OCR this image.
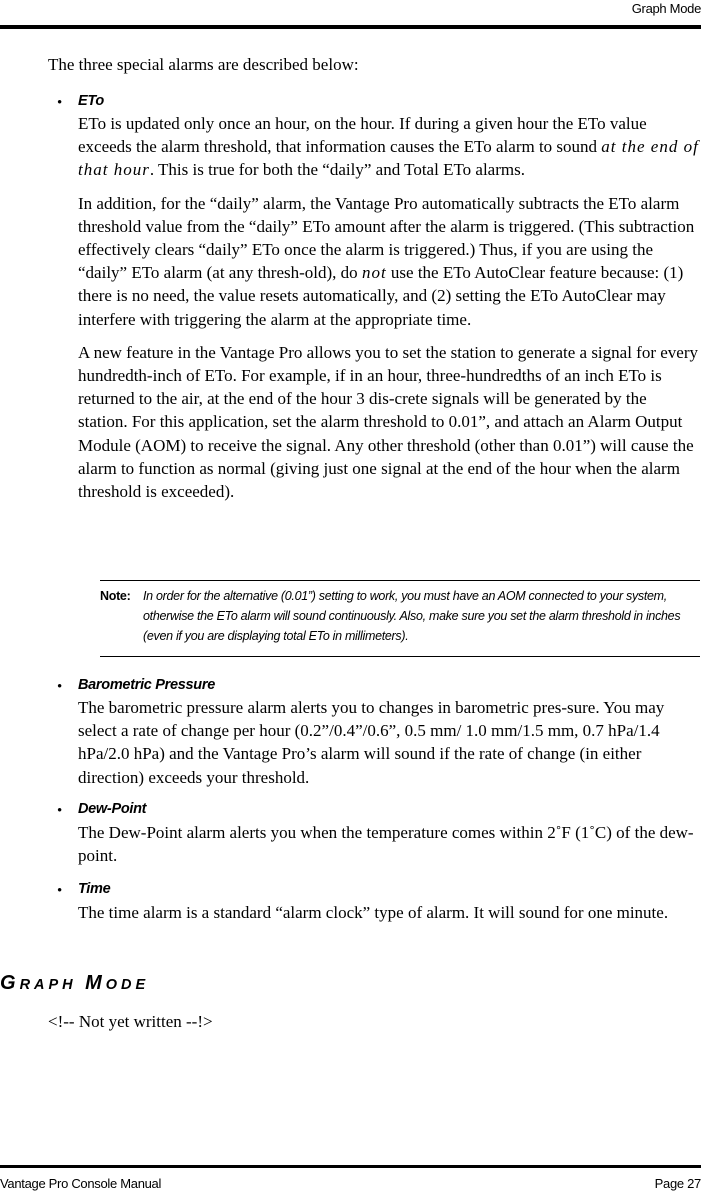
Graph Mode

The three special alarms are described below:

• ETo

ETo is updated only once an hour, on the hour. If during a given hour the ETo value exceeds the alarm threshold, that information causes the ETo alarm to sound at the end of that hour. This is true for both the “daily” and Total ETo alarms.

In addition, for the “daily” alarm, the Vantage Pro automatically subtracts the ETo alarm threshold value from the “daily” ETo amount after the alarm is triggered. (This subtraction effectively clears “daily” ETo once the alarm is triggered.) Thus, if you are using the “daily” ETo alarm (at any thresh-old), do not use the ETo AutoClear feature because: (1) there is no need, the value resets automatically, and (2) setting the ETo AutoClear may interfere with triggering the alarm at the appropriate time.

A new feature in the Vantage Pro allows you to set the station to generate a signal for every hundredth-inch of ETo. For example, if in an hour, three-hundredths of an inch ETo is returned to the air, at the end of the hour 3 dis-crete signals will be generated by the station. For this application, set the alarm threshold to 0.01”, and attach an Alarm Output Module (AOM) to receive the signal. Any other threshold (other than 0.01”) will cause the alarm to function as normal (giving just one signal at the end of the hour when the alarm threshold is exceeded).

Note: In order for the alternative (0.01”) setting to work, you must have an AOM connected to your system, otherwise the ETo alarm will sound continuously. Also, make sure you set the alarm threshold in inches (even if you are displaying total ETo in millimeters).
• Barometric Pressure

The barometric pressure alarm alerts you to changes in barometric pres-sure. You may select a rate of change per hour (0.2”/0.4”/0.6”, 0.5 mm/ 1.0 mm/1.5 mm, 0.7 hPa/1.4 hPa/2.0 hPa) and the Vantage Pro’s alarm will sound if the rate of change (in either direction) exceeds your threshold.

• Dew-Point

The Dew-Point alarm alerts you when the temperature comes within 2˚F (1˚C) of the dew-point.

• Time

The time alarm is a standard “alarm clock” type of alarm. It will sound for one minute.

GRAPH MODE

<!-- Not yet written --!>

Vantage Pro Console Manual	Page 27
